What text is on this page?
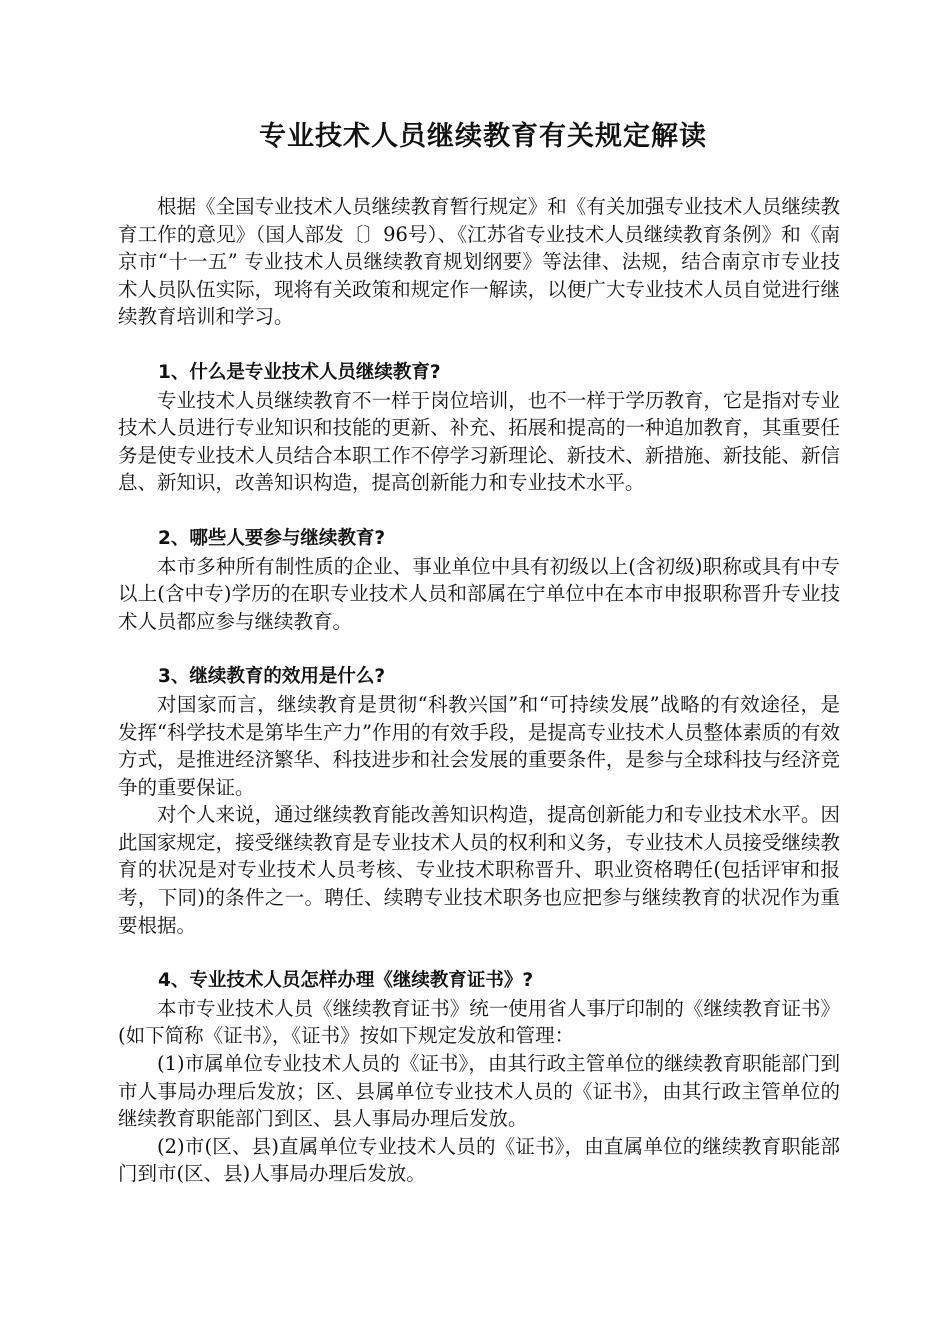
专业技术人员继续教育有关规定解读

根据《全国专业技术人员继续教育暂行规定》和《有关加强专业技术人员继续教育工作的意见》（国人部发〔〕96号）、《江苏省专业技术人员继续教育条例》和《南京市“十一五” 专业技术人员继续教育规划纲要》等法律、法规，结合南京市专业技术人员队伍实际，现将有关政策和规定作一解读，以便广大专业技术人员自觉进行继续教育培训和学习。

1、什么是专业技术人员继续教育?

专业技术人员继续教育不一样于岗位培训，也不一样于学历教育，它是指对专业技术人员进行专业知识和技能的更新、补充、拓展和提高的一种追加教育，其重要任务是使专业技术人员结合本职工作不停学习新理论、新技术、新措施、新技能、新信息、新知识，改善知识构造，提高创新能力和专业技术水平。

2、哪些人要参与继续教育?

本市多种所有制性质的企业、事业单位中具有初级以上(含初级)职称或具有中专以上(含中专)学历的在职专业技术人员和部属在宁单位中在本市申报职称晋升专业技术人员都应参与继续教育。

3、继续教育的效用是什么?

对国家而言，继续教育是贯彻“科教兴国”和“可持续发展”战略的有效途径，是发挥“科学技术是第毕生产力”作用的有效手段，是提高专业技术人员整体素质的有效方式，是推进经济繁华、科技进步和社会发展的重要条件，是参与全球科技与经济竞争的重要保证。

对个人来说，通过继续教育能改善知识构造，提高创新能力和专业技术水平。因此国家规定，接受继续教育是专业技术人员的权利和义务，专业技术人员接受继续教育的状况是对专业技术人员考核、专业技术职称晋升、职业资格聘任(包括评审和报考，下同)的条件之一。聘任、续聘专业技术职务也应把参与继续教育的状况作为重要根据。

4、专业技术人员怎样办理《继续教育证书》?

本市专业技术人员《继续教育证书》统一使用省人事厅印制的《继续教育证书》(如下简称《证书》，《证书》按如下规定发放和管理：

(1)市属单位专业技术人员的《证书》，由其行政主管单位的继续教育职能部门到市人事局办理后发放；区、县属单位专业技术人员的《证书》，由其行政主管单位的继续教育职能部门到区、县人事局办理后发放。

(2)市(区、县)直属单位专业技术人员的《证书》，由直属单位的继续教育职能部门到市(区、县)人事局办理后发放。
